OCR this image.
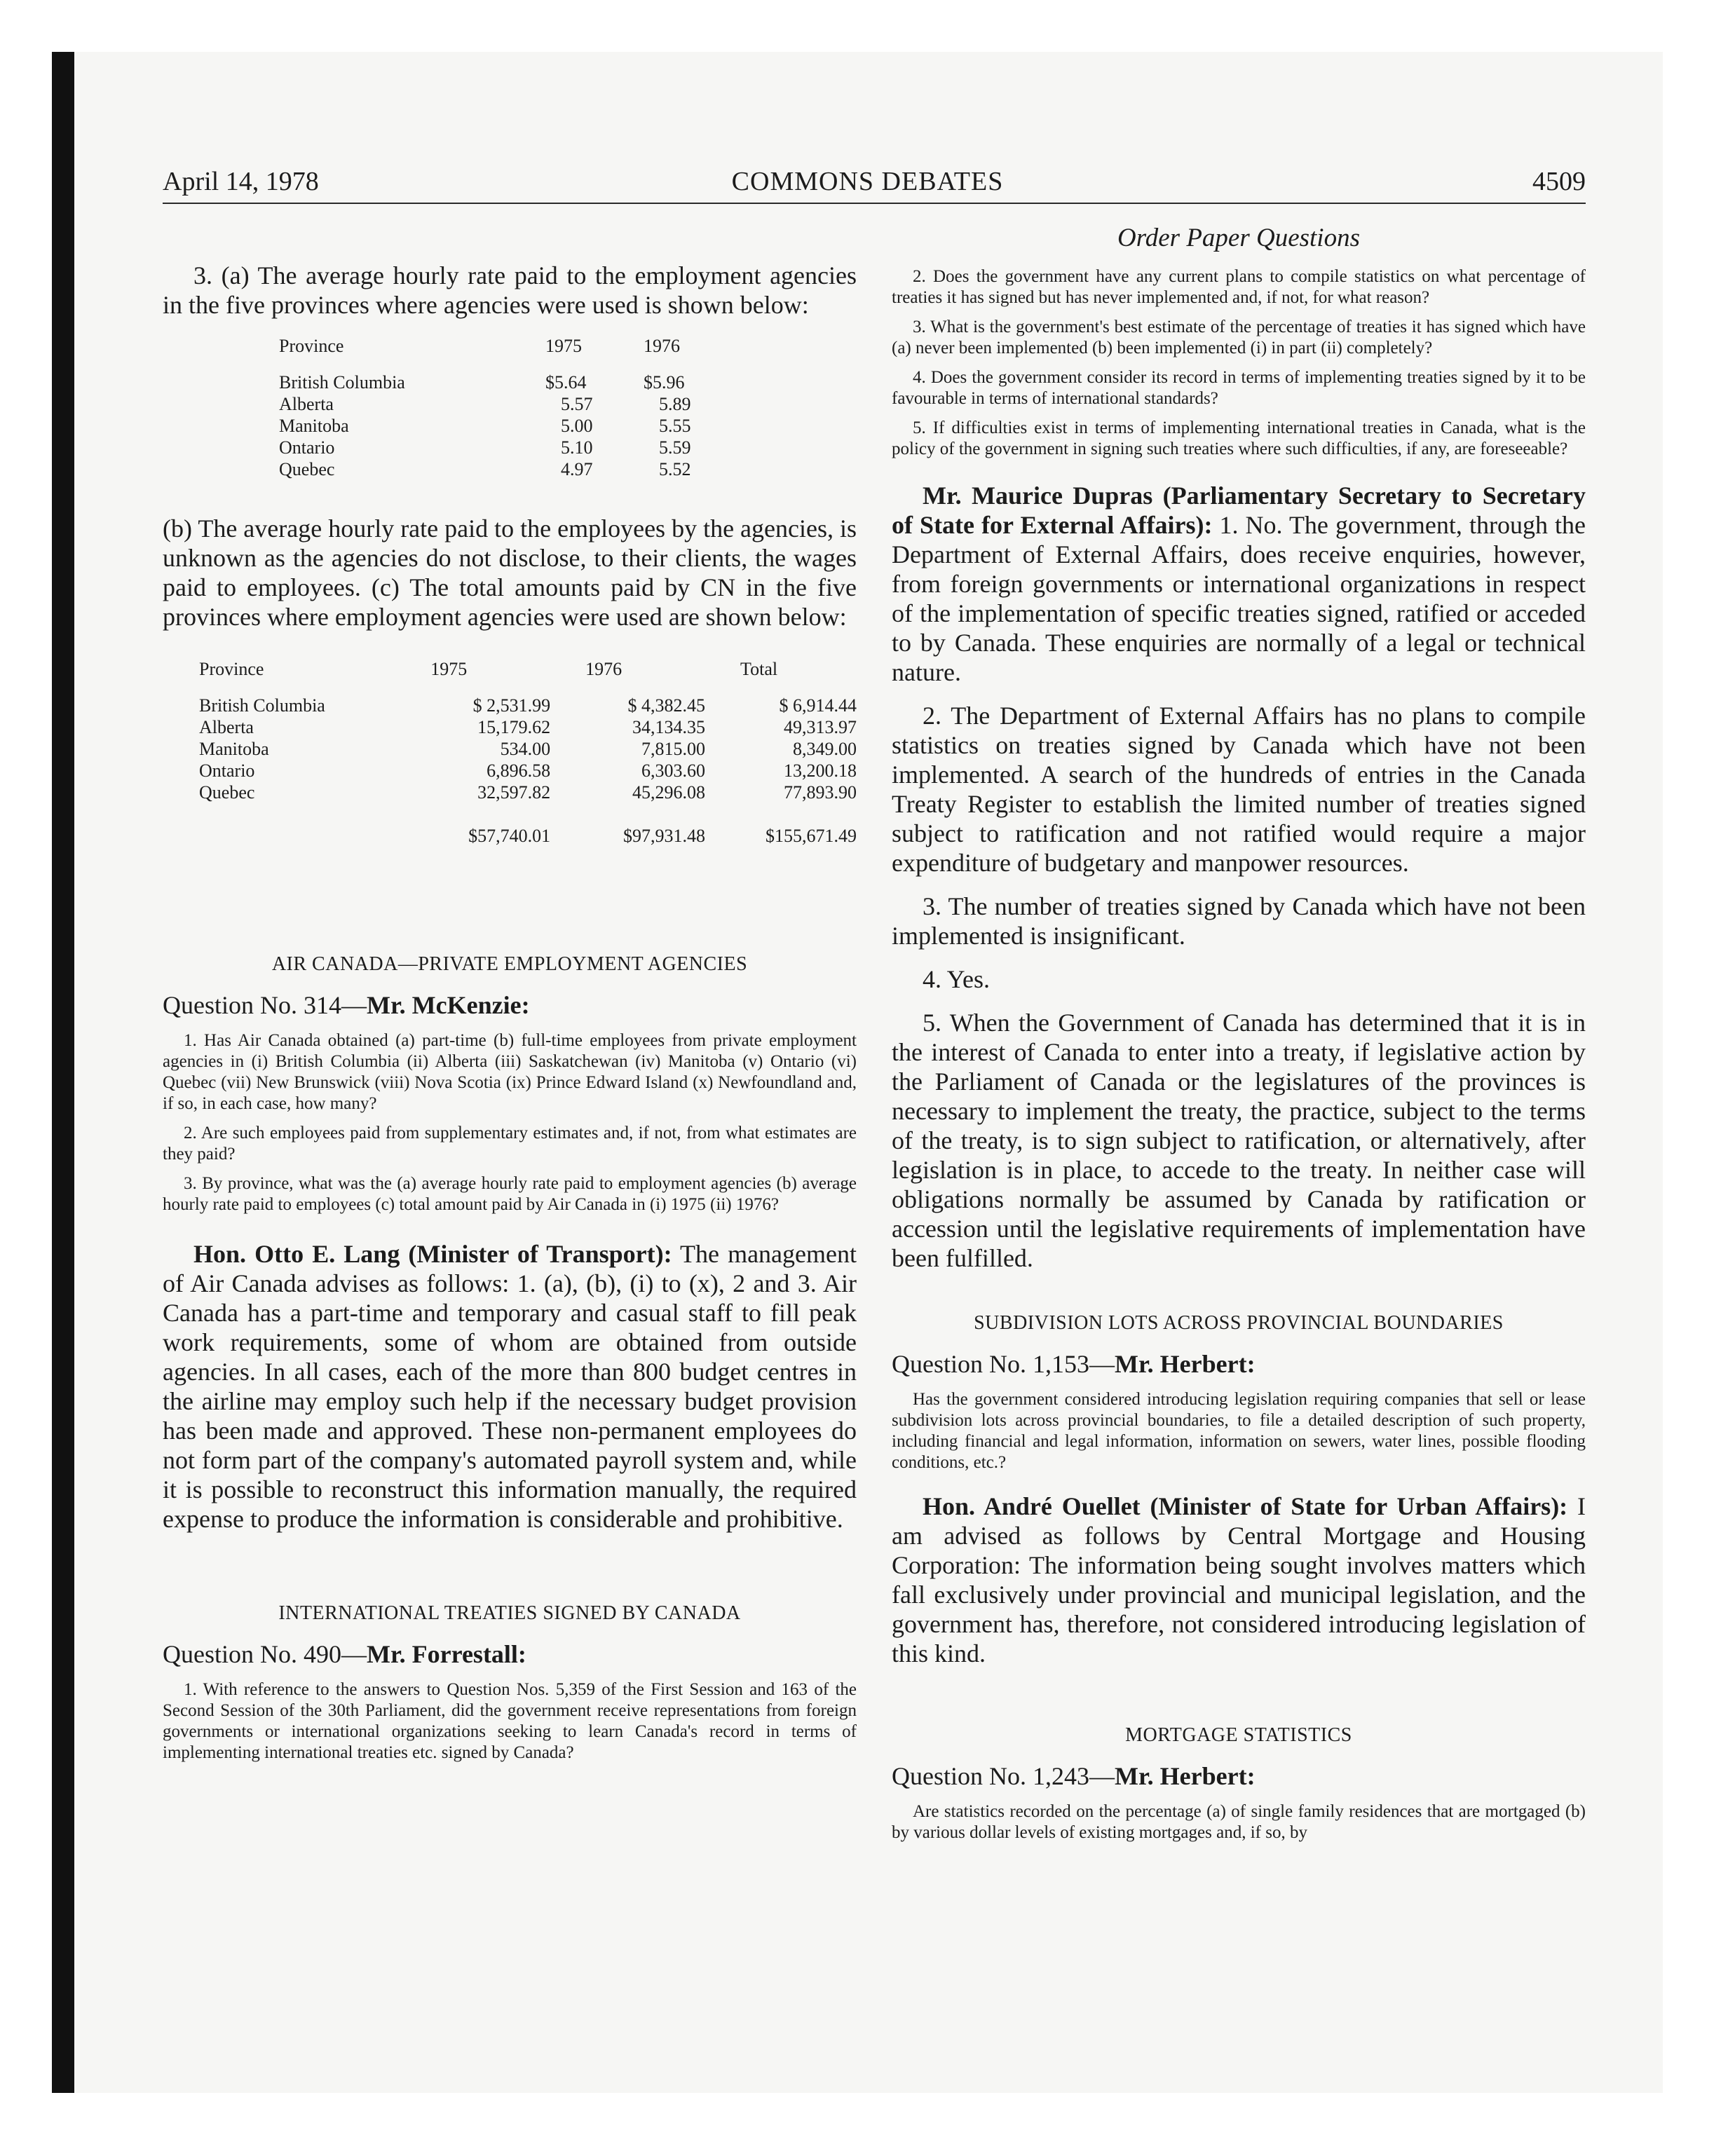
April 14, 1978	COMMONS DEBATES	4509

3. (a) The average hourly rate paid to the employment agencies in the five provinces where agencies were used is shown below:

Province	1975	1976
British Columbia	$5.64	$5.96
Alberta	5.57	5.89
Manitoba	5.00	5.55
Ontario	5.10	5.59
Quebec	4.97	5.52

(b) The average hourly rate paid to the employees by the agencies, is unknown as the agencies do not disclose, to their clients, the wages paid to employees. (c) The total amounts paid by CN in the five provinces where employment agencies were used are shown below:

Province	1975	1976	Total
British Columbia	$ 2,531.99	$ 4,382.45	$ 6,914.44
Alberta	15,179.62	34,134.35	49,313.97
Manitoba	534.00	7,815.00	8,349.00
Ontario	6,896.58	6,303.60	13,200.18
Quebec	32,597.82	45,296.08	77,893.90
	$57,740.01	$97,931.48	$155,671.49
AIR CANADA—PRIVATE EMPLOYMENT AGENCIES
Question No. 314—Mr. McKenzie:

1. Has Air Canada obtained (a) part-time (b) full-time employees from private employment agencies in (i) British Columbia (ii) Alberta (iii) Saskatchewan (iv) Manitoba (v) Ontario (vi) Quebec (vii) New Brunswick (viii) Nova Scotia (ix) Prince Edward Island (x) Newfoundland and, if so, in each case, how many?

2. Are such employees paid from supplementary estimates and, if not, from what estimates are they paid?

3. By province, what was the (a) average hourly rate paid to employment agencies (b) average hourly rate paid to employees (c) total amount paid by Air Canada in (i) 1975 (ii) 1976?

Hon. Otto E. Lang (Minister of Transport): The management of Air Canada advises as follows: 1. (a), (b), (i) to (x), 2 and 3. Air Canada has a part-time and temporary and casual staff to fill peak work requirements, some of whom are obtained from outside agencies. In all cases, each of the more than 800 budget centres in the airline may employ such help if the necessary budget provision has been made and approved. These non-permanent employees do not form part of the company's automated payroll system and, while it is possible to reconstruct this information manually, the required expense to produce the information is considerable and prohibitive.

INTERNATIONAL TREATIES SIGNED BY CANADA
Question No. 490—Mr. Forrestall:

1. With reference to the answers to Question Nos. 5,359 of the First Session and 163 of the Second Session of the 30th Parliament, did the government receive representations from foreign governments or international organizations seeking to learn Canada's record in terms of implementing international treaties etc. signed by Canada?

Order Paper Questions

2. Does the government have any current plans to compile statistics on what percentage of treaties it has signed but has never implemented and, if not, for what reason?

3. What is the government's best estimate of the percentage of treaties it has signed which have (a) never been implemented (b) been implemented (i) in part (ii) completely?

4. Does the government consider its record in terms of implementing treaties signed by it to be favourable in terms of international standards?

5. If difficulties exist in terms of implementing international treaties in Canada, what is the policy of the government in signing such treaties where such difficulties, if any, are foreseeable?

Mr. Maurice Dupras (Parliamentary Secretary to Secretary of State for External Affairs): 1. No. The government, through the Department of External Affairs, does receive enquiries, however, from foreign governments or international organizations in respect of the implementation of specific treaties signed, ratified or acceded to by Canada. These enquiries are normally of a legal or technical nature.

2. The Department of External Affairs has no plans to compile statistics on treaties signed by Canada which have not been implemented. A search of the hundreds of entries in the Canada Treaty Register to establish the limited number of treaties signed subject to ratification and not ratified would require a major expenditure of budgetary and manpower resources.

3. The number of treaties signed by Canada which have not been implemented is insignificant.

4. Yes.

5. When the Government of Canada has determined that it is in the interest of Canada to enter into a treaty, if legislative action by the Parliament of Canada or the legislatures of the provinces is necessary to implement the treaty, the practice, subject to the terms of the treaty, is to sign subject to ratification, or alternatively, after legislation is in place, to accede to the treaty. In neither case will obligations normally be assumed by Canada by ratification or accession until the legislative requirements of implementation have been fulfilled.

SUBDIVISION LOTS ACROSS PROVINCIAL BOUNDARIES
Question No. 1,153—Mr. Herbert:

Has the government considered introducing legislation requiring companies that sell or lease subdivision lots across provincial boundaries, to file a detailed description of such property, including financial and legal information, information on sewers, water lines, possible flooding conditions, etc.?

Hon. André Ouellet (Minister of State for Urban Affairs): I am advised as follows by Central Mortgage and Housing Corporation: The information being sought involves matters which fall exclusively under provincial and municipal legislation, and the government has, therefore, not considered introducing legislation of this kind.

MORTGAGE STATISTICS
Question No. 1,243—Mr. Herbert:

Are statistics recorded on the percentage (a) of single family residences that are mortgaged (b) by various dollar levels of existing mortgages and, if so, by
